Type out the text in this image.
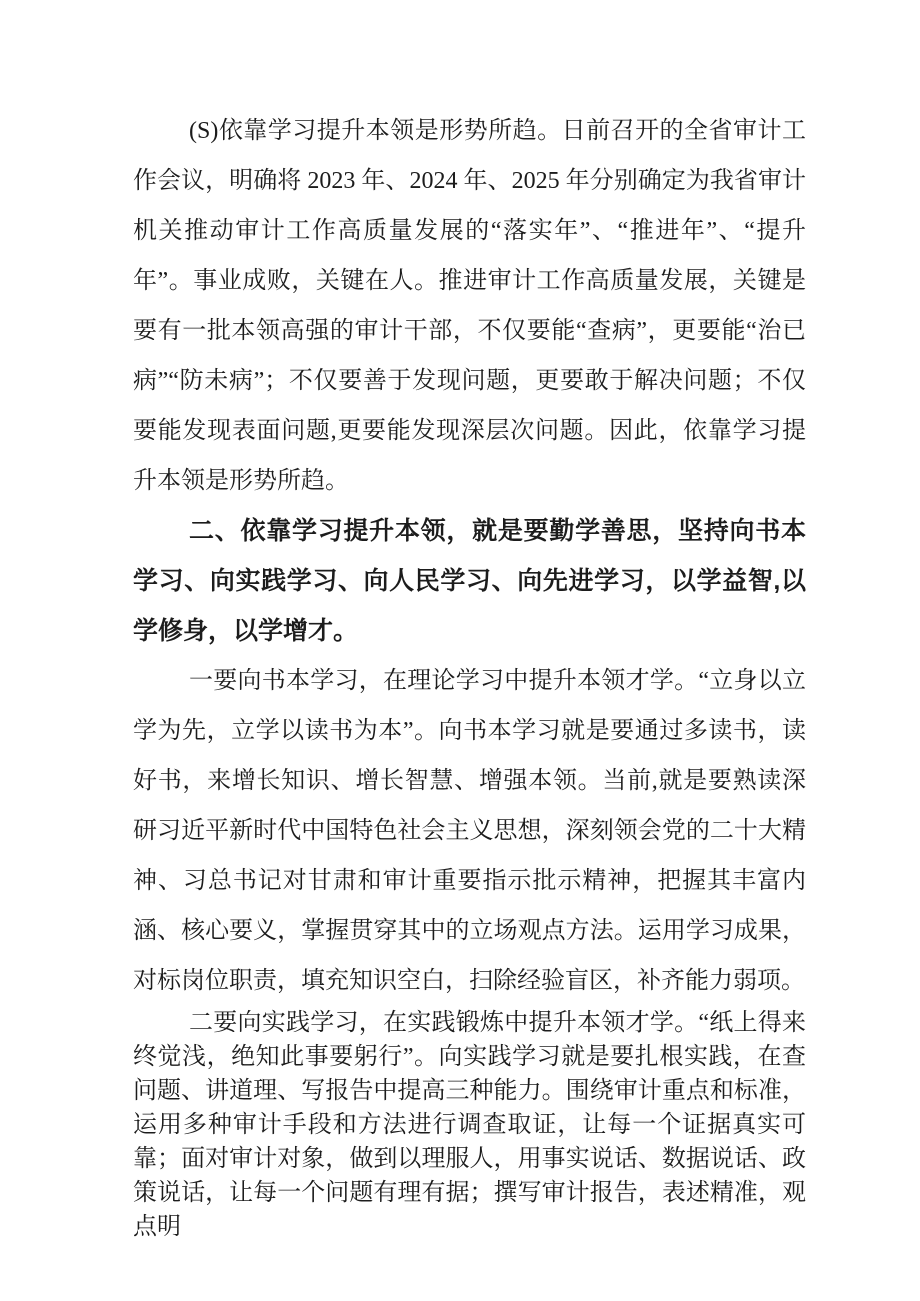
(S)依靠学习提升本领是形势所趋。日前召开的全省审计工作会议，明确将 2023 年、2024 年、2025 年分别确定为我省审计机关推动审计工作高质量发展的“落实年”、“推进年”、“提升年”。事业成败，关键在人。推进审计工作高质量发展，关键是要有一批本领高强的审计干部，不仅要能“查病”，更要能“治已病”“防未病”；不仅要善于发现问题，更要敢于解决问题；不仅要能发现表面问题,更要能发现深层次问题。因此，依靠学习提升本领是形势所趋。

二、依靠学习提升本领，就是要勤学善思，坚持向书本学习、向实践学习、向人民学习、向先进学习，以学益智,以学修身，以学增才。

一要向书本学习，在理论学习中提升本领才学。“立身以立学为先，立学以读书为本”。向书本学习就是要通过多读书，读好书，来增长知识、增长智慧、增强本领。当前,就是要熟读深研习近平新时代中国特色社会主义思想，深刻领会党的二十大精神、习总书记对甘肃和审计重要指示批示精神，把握其丰富内涵、核心要义，掌握贯穿其中的立场观点方法。运用学习成果，对标岗位职责，填充知识空白，扫除经验盲区，补齐能力弱项。

二要向实践学习，在实践锻炼中提升本领才学。“纸上得来终觉浅，绝知此事要躬行”。向实践学习就是要扎根实践，在查问题、讲道理、写报告中提高三种能力。围绕审计重点和标准，运用多种审计手段和方法进行调查取证，让每一个证据真实可靠；面对审计对象，做到以理服人，用事实说话、数据说话、政策说话，让每一个问题有理有据；撰写审计报告，表述精准，观点明
